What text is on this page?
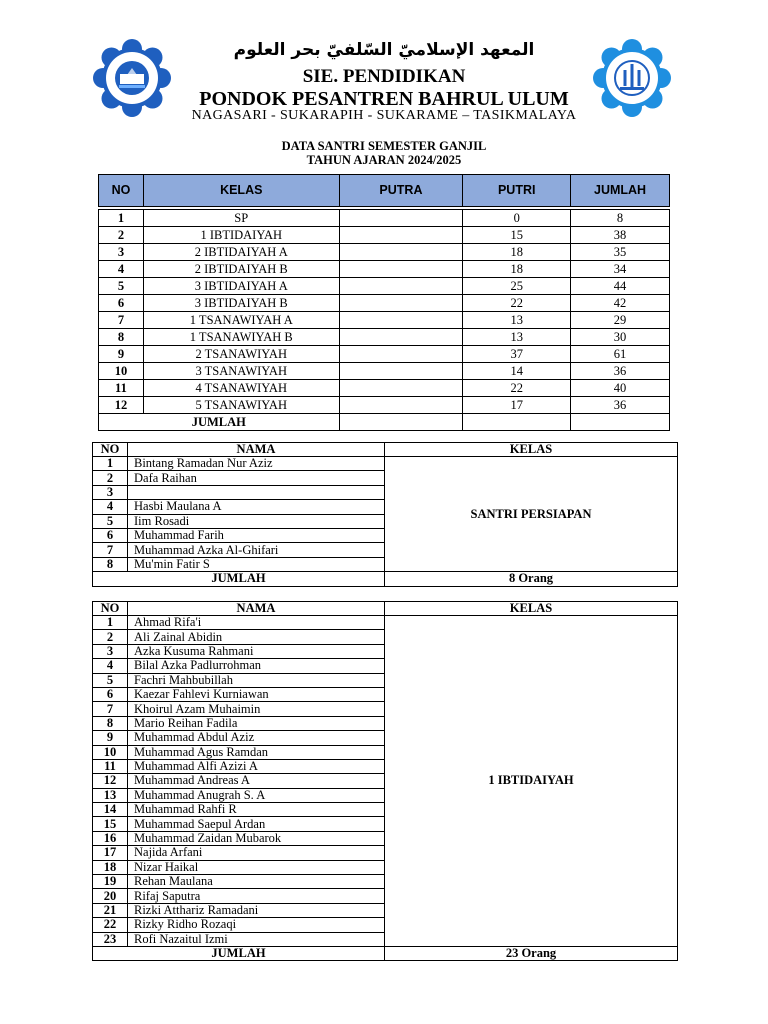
المعهد الإسلاميّ السّلفيّ بحر العلوم
SIE. PENDIDIKAN
PONDOK PESANTREN BAHRUL ULUM
NAGASARI - SUKARAPIH - SUKARAME – TASIKMALAYA
DATA SANTRI SEMESTER GANJIL
TAHUN AJARAN 2024/2025
NO	KELAS	PUTRA	PUTRI	JUMLAH

1	SP		0	8
2	1 IBTIDAIYAH		15	38
3	2 IBTIDAIYAH A		18	35
4	2 IBTIDAIYAH B		18	34
5	3 IBTIDAIYAH A		25	44
6	3 IBTIDAIYAH B		22	42
7	1 TSANAWIYAH A		13	29
8	1 TSANAWIYAH B		13	30
9	2 TSANAWIYAH		37	61
10	3 TSANAWIYAH		14	36
11	4 TSANAWIYAH		22	40
12	5 TSANAWIYAH		17	36
JUMLAH				
NO	NAMA	KELAS
1	Bintang Ramadan Nur Aziz	SANTRI PERSIAPAN
2	Dafa Raihan	
3		
4	Hasbi Maulana A	
5	Iim Rosadi	
6	Muhammad Farih	
7	Muhammad Azka Al-Ghifari	
8	Mu'min Fatir S	
JUMLAH		8 Orang
NO	NAMA	KELAS
1	Ahmad Rifa'i	1 IBTIDAIYAH
2	Ali Zainal Abidin	
3	Azka Kusuma Rahmani	
4	Bilal Azka Padlurrohman	
5	Fachri Mahbubillah	
6	Kaezar Fahlevi Kurniawan	
7	Khoirul Azam Muhaimin	
8	Mario Reihan Fadila	
9	Muhammad Abdul Aziz	
10	Muhammad Agus Ramdan	
11	Muhammad Alfi Azizi A	
12	Muhammad Andreas A	
13	Muhammad Anugrah S. A	
14	Muhammad Rahfi R	
15	Muhammad Saepul Ardan	
16	Muhammad Zaidan Mubarok	
17	Najida Arfani	
18	Nizar Haikal	
19	Rehan Maulana	
20	Rifaj Saputra	
21	Rizki Atthariz Ramadani	
22	Rizky Ridho Rozaqi	
23	Rofi Nazaitul Izmi	
JUMLAH		23 Orang
